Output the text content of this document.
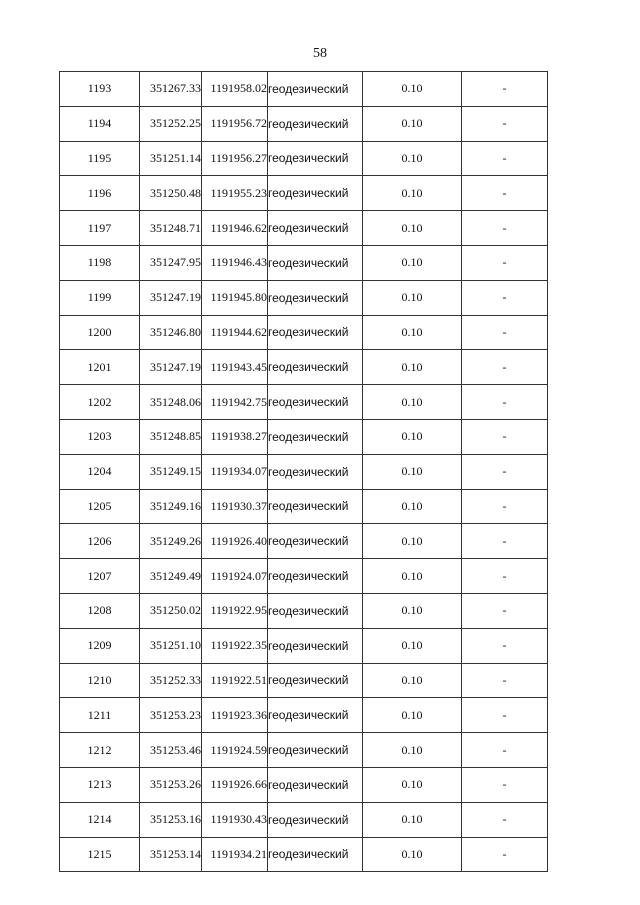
58
1193	351267.33	1191958.02	геодезический	0.10	-
1194	351252.25	1191956.72	геодезический	0.10	-
1195	351251.14	1191956.27	геодезический	0.10	-
1196	351250.48	1191955.23	геодезический	0.10	-
1197	351248.71	1191946.62	геодезический	0.10	-
1198	351247.95	1191946.43	геодезический	0.10	-
1199	351247.19	1191945.80	геодезический	0.10	-
1200	351246.80	1191944.62	геодезический	0.10	-
1201	351247.19	1191943.45	геодезический	0.10	-
1202	351248.06	1191942.75	геодезический	0.10	-
1203	351248.85	1191938.27	геодезический	0.10	-
1204	351249.15	1191934.07	геодезический	0.10	-
1205	351249.16	1191930.37	геодезический	0.10	-
1206	351249.26	1191926.40	геодезический	0.10	-
1207	351249.49	1191924.07	геодезический	0.10	-
1208	351250.02	1191922.95	геодезический	0.10	-
1209	351251.10	1191922.35	геодезический	0.10	-
1210	351252.33	1191922.51	геодезический	0.10	-
1211	351253.23	1191923.36	геодезический	0.10	-
1212	351253.46	1191924.59	геодезический	0.10	-
1213	351253.26	1191926.66	геодезический	0.10	-
1214	351253.16	1191930.43	геодезический	0.10	-
1215	351253.14	1191934.21	геодезический	0.10	-
